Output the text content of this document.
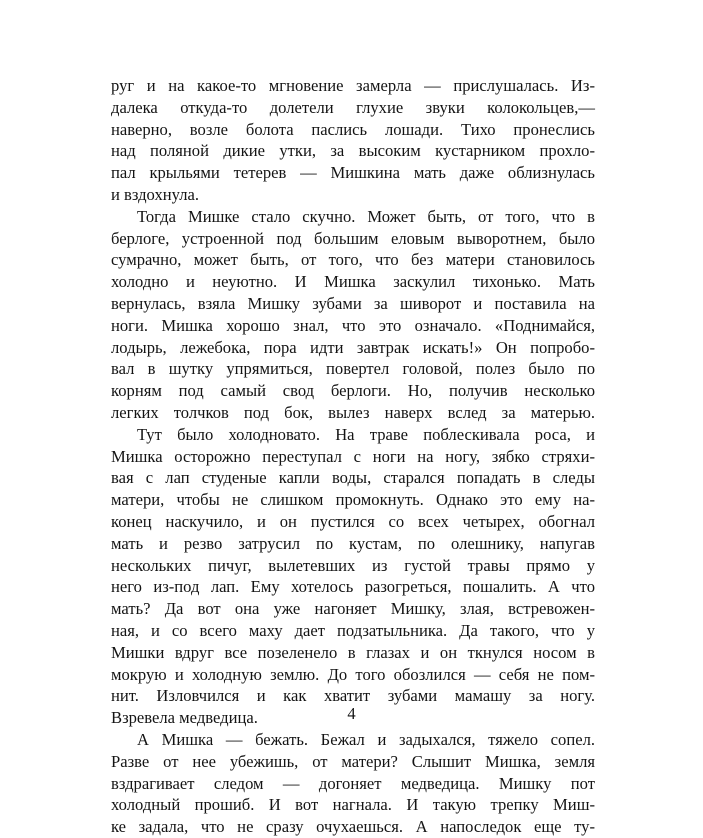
руг и на какое-то мгновение замерла — прислушалась. Из-
далека откуда-то долетели глухие звуки колокольцев,—
наверно, возле болота паслись лошади. Тихо пронеслись
над поляной дикие утки, за высоким кустарником прохло-
пал крыльями тетерев — Мишкина мать даже облизнулась
и вздохнула.
Тогда Мишке стало скучно. Может быть, от того, что в
берлоге, устроенной под большим еловым выворотнем, было
сумрачно, может быть, от того, что без матери становилось
холодно и неуютно. И Мишка заскулил тихонько. Мать
вернулась, взяла Мишку зубами за шиворот и поставила на
ноги. Мишка хорошо знал, что это означало. «Поднимайся,
лодырь, лежебока, пора идти завтрак искать!» Он попробо-
вал в шутку упрямиться, повертел головой, полез было по
корням под самый свод берлоги. Но, получив несколько
легких толчков под бок, вылез наверх вслед за матерью.
Тут было холодновато. На траве поблескивала роса, и
Мишка осторожно переступал с ноги на ногу, зябко стряхи-
вая с лап студеные капли воды, старался попадать в следы
матери, чтобы не слишком промокнуть. Однако это ему на-
конец наскучило, и он пустился со всех четырех, обогнал
мать и резво затрусил по кустам, по олешнику, напугав
нескольких пичуг, вылетевших из густой травы прямо у
него из-под лап. Ему хотелось разогреться, пошалить. А что
мать? Да вот она уже нагоняет Мишку, злая, встревожен-
ная, и со всего маху дает подзатыльника. Да такого, что у
Мишки вдруг все позеленело в глазах и он ткнулся носом в
мокрую и холодную землю. До того обозлился — себя не пом-
нит. Изловчился и как хватит зубами мамашу за ногу.
Взревела медведица.
А Мишка — бежать. Бежал и задыхался, тяжело сопел.
Разве от нее убежишь, от матери? Слышит Мишка, земля
вздрагивает следом — догоняет медведица. Мишку пот
холодный прошиб. И вот нагнала. И такую трепку Миш-
ке задала, что не сразу очухаешься. А напоследок еще ту-
4
